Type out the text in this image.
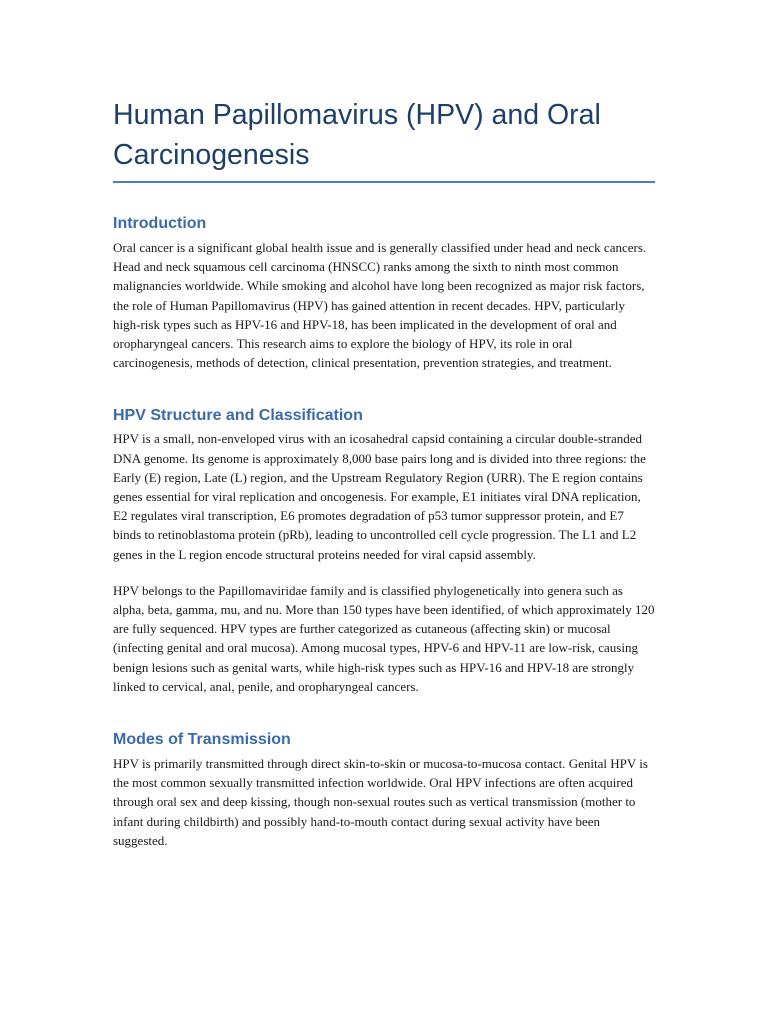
Human Papillomavirus (HPV) and Oral Carcinogenesis
Introduction

Oral cancer is a significant global health issue and is generally classified under head and neck cancers. Head and neck squamous cell carcinoma (HNSCC) ranks among the sixth to ninth most common malignancies worldwide. While smoking and alcohol have long been recognized as major risk factors, the role of Human Papillomavirus (HPV) has gained attention in recent decades. HPV, particularly high-risk types such as HPV-16 and HPV-18, has been implicated in the development of oral and oropharyngeal cancers. This research aims to explore the biology of HPV, its role in oral carcinogenesis, methods of detection, clinical presentation, prevention strategies, and treatment.

HPV Structure and Classification

HPV is a small, non-enveloped virus with an icosahedral capsid containing a circular double-stranded DNA genome. Its genome is approximately 8,000 base pairs long and is divided into three regions: the Early (E) region, Late (L) region, and the Upstream Regulatory Region (URR). The E region contains genes essential for viral replication and oncogenesis. For example, E1 initiates viral DNA replication, E2 regulates viral transcription, E6 promotes degradation of p53 tumor suppressor protein, and E7 binds to retinoblastoma protein (pRb), leading to uncontrolled cell cycle progression. The L1 and L2 genes in the L region encode structural proteins needed for viral capsid assembly.

HPV belongs to the Papillomaviridae family and is classified phylogenetically into genera such as alpha, beta, gamma, mu, and nu. More than 150 types have been identified, of which approximately 120 are fully sequenced. HPV types are further categorized as cutaneous (affecting skin) or mucosal (infecting genital and oral mucosa). Among mucosal types, HPV-6 and HPV-11 are low-risk, causing benign lesions such as genital warts, while high-risk types such as HPV-16 and HPV-18 are strongly linked to cervical, anal, penile, and oropharyngeal cancers.

Modes of Transmission

HPV is primarily transmitted through direct skin-to-skin or mucosa-to-mucosa contact. Genital HPV is the most common sexually transmitted infection worldwide. Oral HPV infections are often acquired through oral sex and deep kissing, though non-sexual routes such as vertical transmission (mother to infant during childbirth) and possibly hand-to-mouth contact during sexual activity have been suggested.
